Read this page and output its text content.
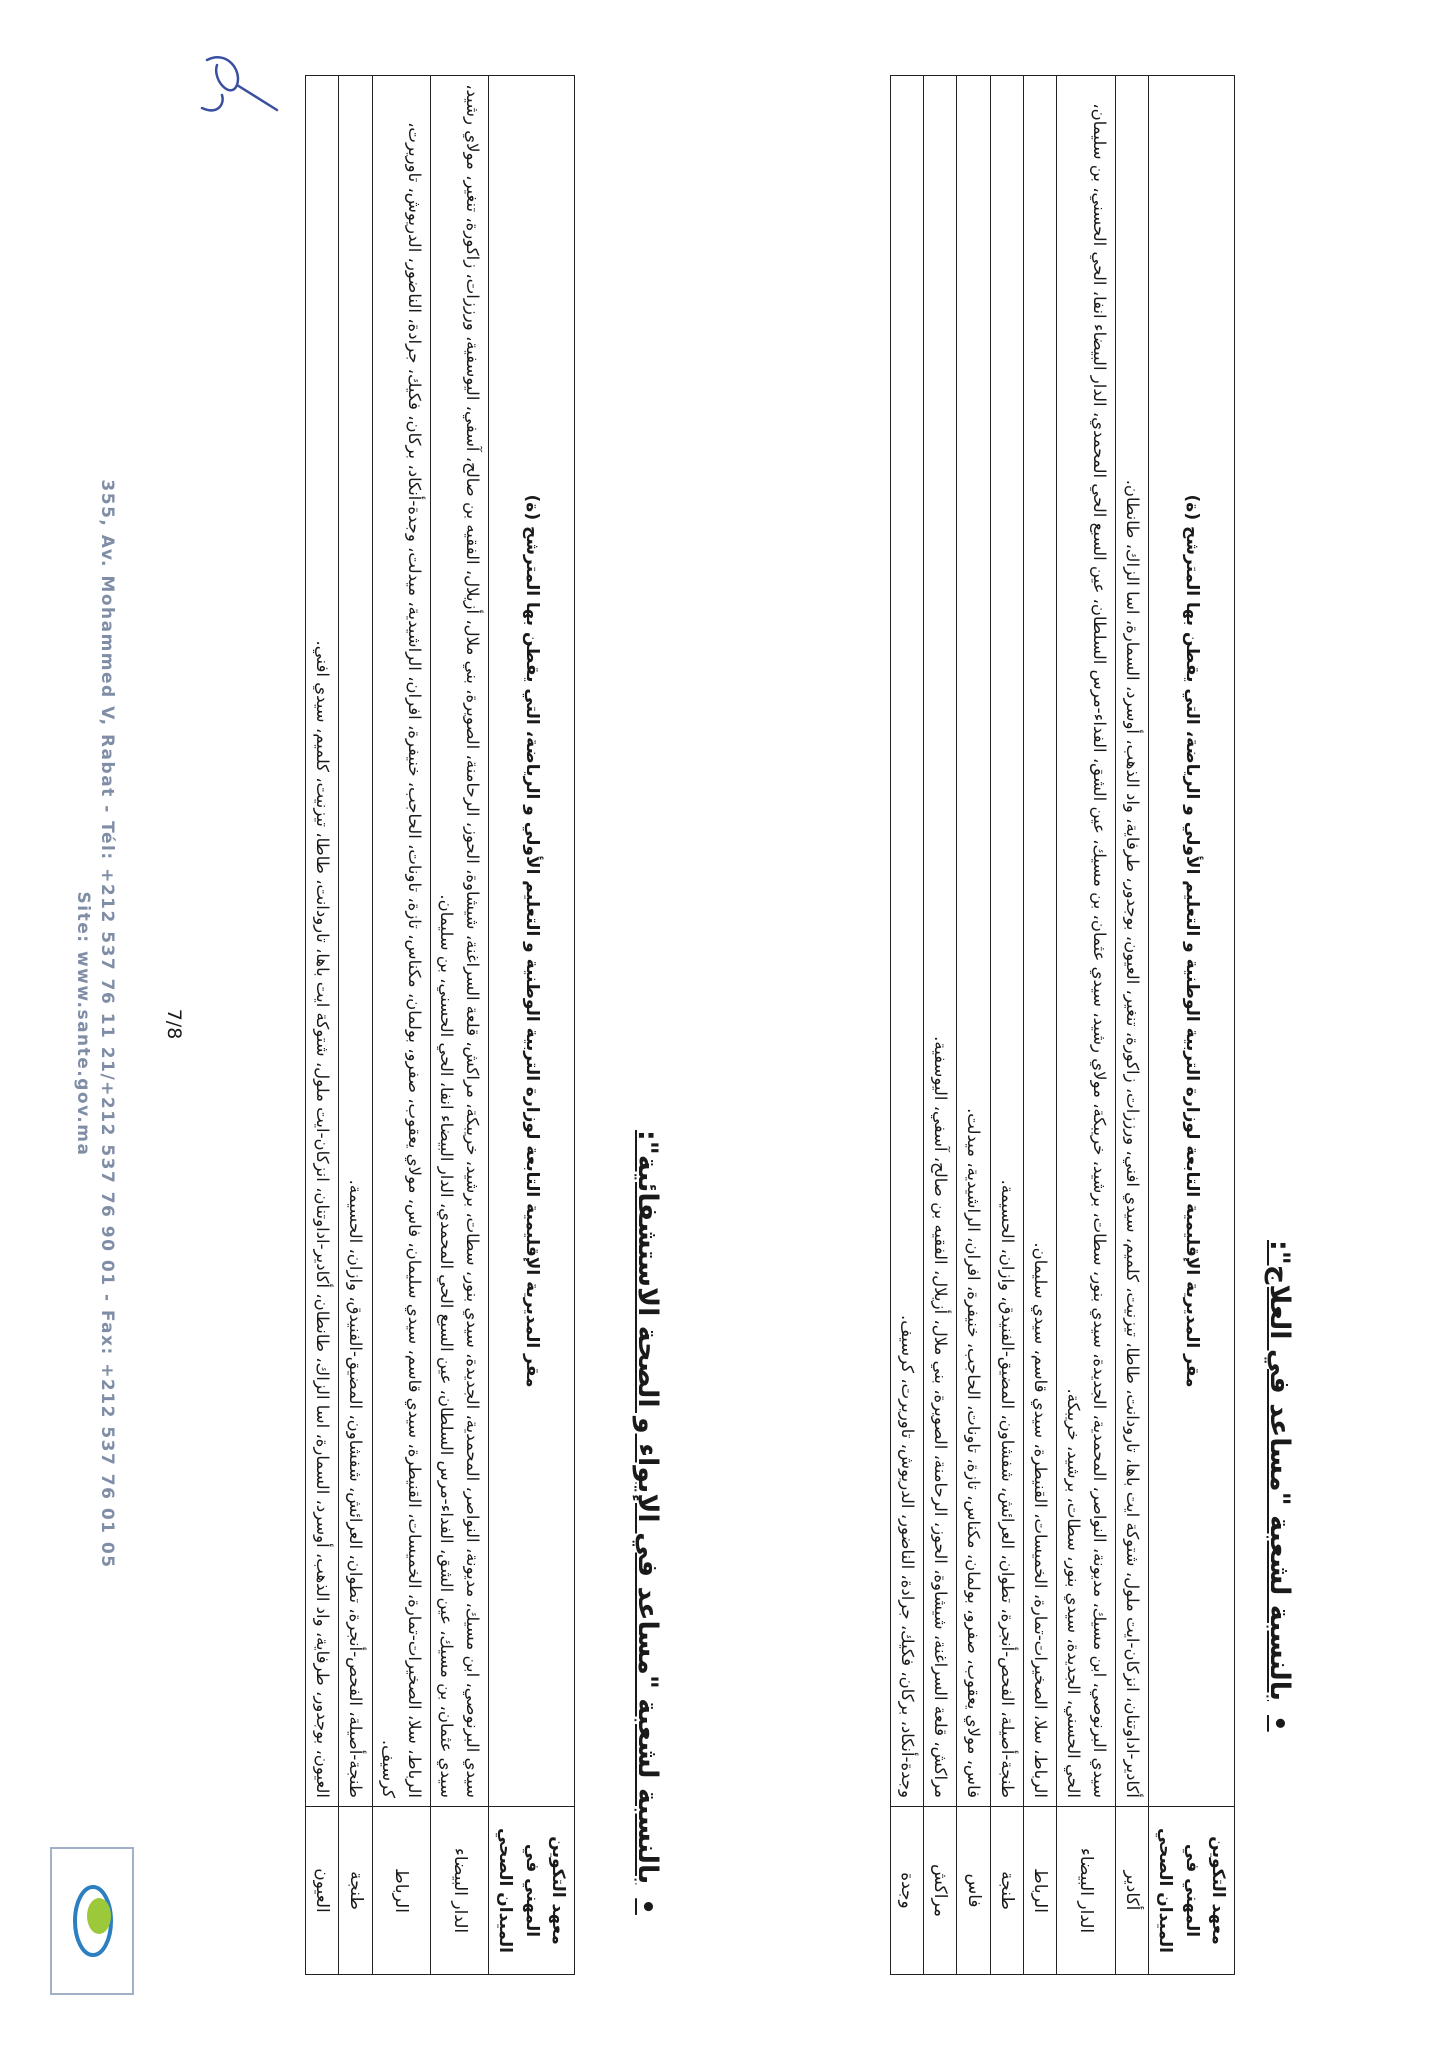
•بالنسبة لشعبة "مساعد في العلاج":
معهد التكوين المهني في الميدان الصحي	مقر المديرية الإقليمية التابعة لوزارة التربية الوطنية و التعليم الأولي و الرياضة، التي يقطن بها المترشح (ة)
أكادير	أكادير-اداوتنان، انزكان-ايت ملول، شتوكة ايت باها، تارودانت، طاطا، تيزنيت، كلميم، سيدي افني، ورززات، زاكورة، تنغير، العيون، بوجدور، طرفاية، واد الذهب، أوسرد، السمارة، اسا الزاك، طانطان.
الدار البيضاء	سيدي البرنوصي، ابن مسيك، مديونة، النواصر، المحمدية، الجديدة، سيدي بنور، سطات، برشيد، خريبكة، مولاي رشيد، سيدي عثمان، بن مسيك، عين الشق، الفداء-مرس السلطان، عين السبع الحي المحمدي، الدار البيضاء انفا، الحي الحسني، بن سليمان، الحي الحسني، الجديدة، سيدي بنور، سطات، برشيد، خريبكة.
الرباط	الرباط، سلا، الصخيرات-تمارة، الخميسات، القنيطرة، سيدي قاسم، سيدي سليمان.
طنجة	طنجة-أصيلة، الفحص-أنجرة، تطوان، العرائش، شفشاون، المضيق-الفنيدق، وازان، الحسيمة.
فاس	فاس، مولاي يعقوب، صفرو، بولمان، مكناس، تازة، تاونات، الحاجب، خنيفرة، افران، الراشيدية، ميدلت.
مراكش	مراكش، قلعة السراغنة، شيشاوة، الحوز، الرحامنة، الصويرة، بني ملال، أزيلال، الفقيه بن صالح، آسفي، اليوسفية.
وجدة	وجدة-أنكاد، بركان، فكيك، جرادة، الناضور، الدريوش، تاوريرت، كرسيف.
•بالنسبة لشعبة "مساعد في الإيواء و الصحة الاستشفائية":
معهد التكوين المهني في الميدان الصحي	مقر المديرية الإقليمية التابعة لوزارة التربية الوطنية و التعليم الأولي و الرياضة، التي يقطن بها المترشح (ة)
الدار البيضاء	سيدي البرنوصي، ابن مسيك، مديونة، النواصر، المحمدية، الجديدة، سيدي بنور، سطات، برشيد، خريبكة، مراكش، قلعة السراغنة، شيشاوة، الحوز، الرحامنة، الصويرة، بني ملال، أزيلال، الفقيه بن صالح، آسفي، اليوسفية، ورززات، زاكورة، تنغير، مولاي رشيد، سيدي عثمان، بن مسيك، عين الشق، الفداء-مرس السلطان، عين السبع الحي المحمدي، الدار البيضاء انفا، الحي الحسني، بن سليمان.
الرباط	الرباط، سلا، الصخيرات-تمارة، الخميسات، القنيطرة، سيدي قاسم، سيدي سليمان، فاس، مولاي يعقوب، صفرو، بولمان، مكناس، تازة، تاونات، الحاجب، خنيفرة، افران، الراشيدية، ميدلت، وجدة-أنكاد، بركان، فكيك، جرادة، الناضور، الدريوش، تاوريرت، كرسيف.
طنجة	طنجة-أصيلة، الفحص-أنجرة، تطوان، العرائش، شفشاون، المضيق-الفنيدق، وازان، الحسيمة.
العيون	العيون، بوجدور، طرفاية، واد الذهب، أوسرد، السمارة، اسا الزاك، طانطان، أكادير-اداوتنان، انزكان-ايت ملول، شتوكة ايت باها، تارودانت، طاطا، تيزنيت، كلميم، سيدي افني.
7/8
355, Av. Mohammed V, Rabat - Tél: +212 537 76 11 21/+212 537 76 90 01 - Fax: +212 537 76 01 05
Site: www.sante.gov.ma
